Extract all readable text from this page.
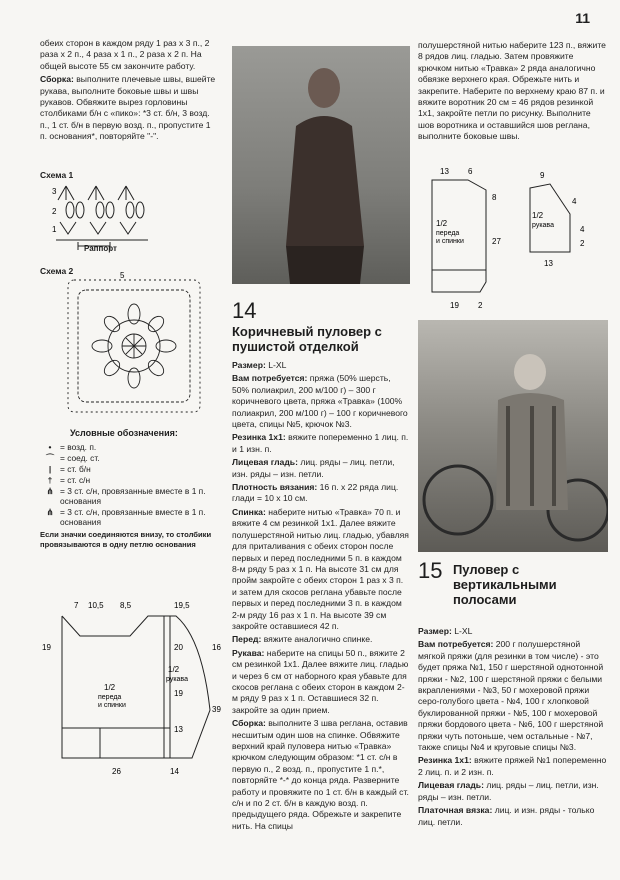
11

обеих сторон в каждом ряду 1 раз х 3 п., 2 раза х 2 п., 4 раза х 1 п., 2 раза х 2 п. На общей высоте 55 см закончите работу.

Сборка: выполните плечевые швы, вшейте рукава, выполните боковые швы и швы рукавов. Обвяжите вырез горловины столбиками б/н с «пико»: *3 ст. б/н, 3 возд. п., 1 ст. б/н в первую возд. п., пропустите 1 п. основания*, повторяйте "-".

Схема 1
2
3
1
Раппорт
Схема 2	5
Условные обозначения:
•	= возд. п.
⌒ = соед. ст.
|	= ст. б/н
† = ст. с/н
⋔ = 3 ст. с/н, провязанные вместе в 1 п. основания
⋔ = 3 ст. с/н, провязанные вместе в 1 п. основания
Если значки соединяются внизу, то столбики провязываются в одну петлю основания
7 10,5 8,5
19	20
19
13
26
1/2
переда
и спинки
19,5
16
1/2
рукава
39
14
14
Коричневый пуловер с пушистой отделкой

Размер: L-XL

Вам потребуется: пряжа (50% шерсть, 50% полиакрил, 200 м/100 г) – 300 г коричневого цвета, пряжа «Травка» (100% полиакрил, 200 м/100 г) – 100 г коричневого цвета, спицы №5, крючок №3.

Резинка 1х1: вяжите попеременно 1 лиц. п. и 1 изн. п.

Лицевая гладь: лиц. ряды – лиц. петли, изн. ряды – изн. петли.

Плотность вязания: 16 п. x 22 ряда лиц. глади = 10 x 10 см.

Спинка: наберите нитью «Травка» 70 п. и вяжите 4 см резинкой 1х1. Далее вяжите полушерстяной нитью лиц. гладью, убавляя для приталивания с обеих сторон после первых и перед последними 5 п. в каждом 8-м ряду 5 раз х 1 п. На высоте 31 см для пройм закройте с обеих сторон 1 раз х 3 п. и затем для скосов реглана убавьте после первых и перед последними 3 п. в каждом 2-м ряду 16 раз х 1 п. На высоте 39 см закройте оставшиеся 42 п.

Перед: вяжите аналогично спинке.

Рукава: наберите на спицы 50 п., вяжите 2 см резинкой 1х1. Далее вяжите лиц. гладью и через 6 см от наборного края убавьте для скосов реглана с обеих сторон в каждом 2-м ряду 9 раз х 1 п. Оставшиеся 32 п. закройте за один прием.

Сборка: выполните 3 шва реглана, оставив несшитым один шов на спинке. Обвяжите верхний край пуловера нитью «Травка» крючком следующим образом: *1 ст. с/н в первую п., 2 возд. п., пропустите 1 п.*, повторяйте *-* до конца ряда. Разверните работу и провяжите по 1 ст. б/н в каждый ст. с/н и по 2 ст. б/н в каждую возд. п. предыдущего ряда. Обрежьте и закрепите нить. На спицы

полушерстяной нитью наберите 123 п., вяжите 8 рядов лиц. гладью. Затем провяжите крючком нитью «Травка» 2 ряда аналогично обвязке верхнего края. Обрежьте нить и закрепите. Наберите по верхнему краю 87 п. и вяжите воротник 20 см = 46 рядов резинкой 1х1, закройте петли по рисунку. Выполните шов воротника и оставшийся шов реглана, выполните боковые швы.

13 6
8
1/2
переда
и спинки	27
19 2
9
4
1/2
рукава	4
2
13
15 Пуловер с вертикальными полосами

Размер: L-XL

Вам потребуется: 200 г полушерстяной мягкой пряжи (для резинки в том числе) - это будет пряжа №1, 150 г шерстяной однотонной пряжи - №2, 100 г шерстяной пряжи с белыми вкраплениями - №3, 50 г мохеровой пряжи серо-голубого цвета - №4, 100 г хлопковой буклированной пряжи - №5, 100 г мохеровой пряжи бордового цвета - №6, 100 г шерстяной пряжи чуть потоньше, чем остальные - №7, также спицы №4 и круговые спицы №3.

Резинка 1х1: вяжите пряжей №1 попеременно 2 лиц. п. и 2 изн. п.

Лицевая гладь: лиц. ряды – лиц. петли, изн. ряды – изн. петли.

Платочная вязка: лиц. и изн. ряды - только лиц. петли.
